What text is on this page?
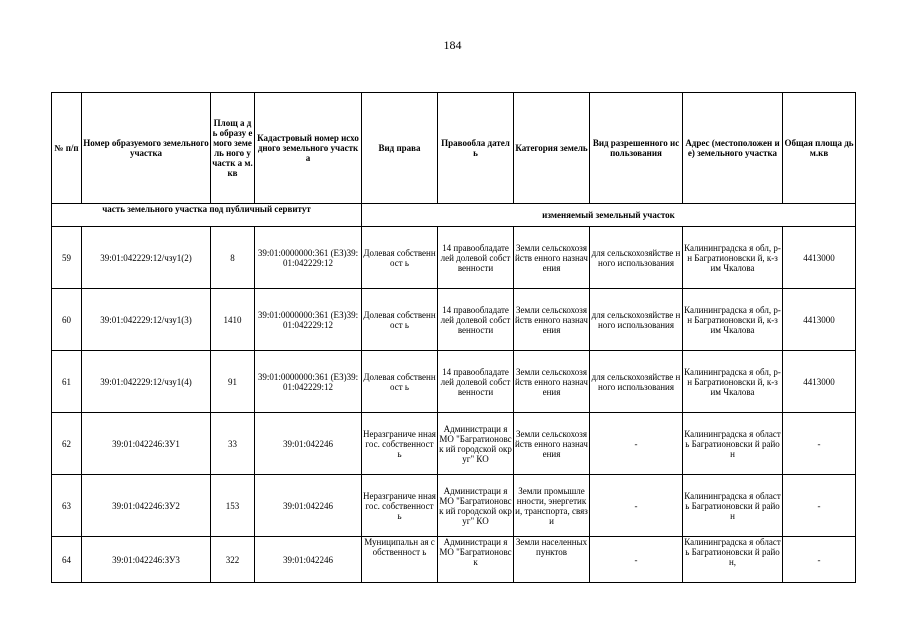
184
№ п/п	Номер образуемого земельного участка	Площ а дь образу емого земель ного участк а м.кв	Кадастровый номер исходного земельного участка	Вид права	Правообла датель	Категория земель	Вид разрешенного использования	Адрес (местоположен ие) земельного участка	Общая площа дь м.кв
часть земельного участка под публичный сервитут				изменяемый земельный участок					
59	39:01:042229:12/чзу1(2)	8	39:01:0000000:361 (ЕЗ)39:01:042229:12	Долевая собственност ь	14 правообладате лей долевой собственности	Земли сельскохозяйств енного назначения	для сельскохозяйстве нного использования	Калининградска я обл, р-н Багратионовски й, к-з им Чкалова	4413000
60	39:01:042229:12/чзу1(3)	1410	39:01:0000000:361 (ЕЗ)39:01:042229:12	Долевая собственност ь	14 правообладате лей долевой собственности	Земли сельскохозяйств енного назначения	для сельскохозяйстве нного использования	Калининградска я обл, р-н Багратионовски й, к-з им Чкалова	4413000
61	39:01:042229:12/чзу1(4)	91	39:01:0000000:361 (ЕЗ)39:01:042229:12	Долевая собственност ь	14 правообладате лей долевой собственности	Земли сельскохозяйств енного назначения	для сельскохозяйстве нного использования	Калининградска я обл, р-н Багратионовски й, к-з им Чкалова	4413000
62	39:01:042246:ЗУ1	33	39:01:042246	Неразграниче нная гос. собственност ь	Администраци я МО "Багратионовск ий городской округ" КО	Земли сельскохозяйств енного назначения	-	Калининградска я область Багратионовски й район	-
63	39:01:042246:ЗУ2	153	39:01:042246	Неразграниче нная гос. собственност ь	Администраци я МО "Багратионовск ий городской округ" КО	Земли промышле нности, энергетики, транспорта, связи	-	Калининградска я область Багратионовски й район	-
64	39:01:042246:ЗУ3	322	39:01:042246	Муниципальн ая собственност ь	Администраци я МО "Багратионовск	Земли населенных пунктов	-	Калининградска я область Багратионовски й район,	-
